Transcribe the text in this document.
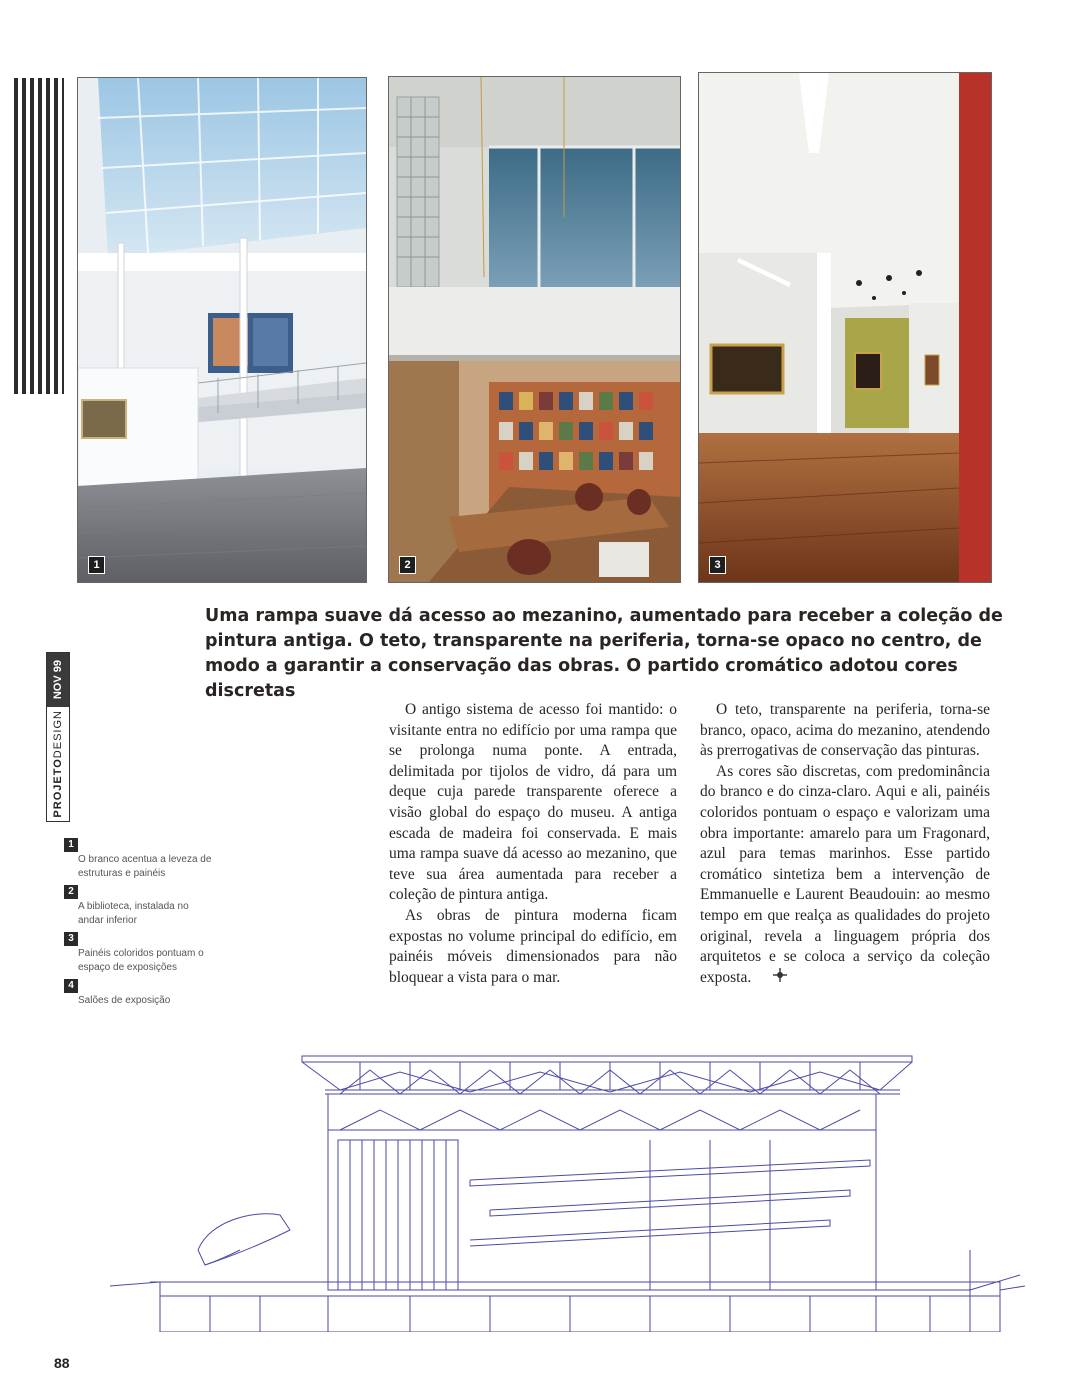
1	2	3
Uma rampa suave dá acesso ao mezanino, aumentado para receber a coleção de pintura antiga. O teto, transparente na periferia, torna-se opaco no centro, de modo a garantir a conservação das obras. O partido cromático adotou cores discretas
NOV 99
PROJETODESIGN
1
O branco acentua a leveza de estruturas e painéis
2
A biblioteca, instalada no andar inferior
3
Painéis coloridos pontuam o espaço de exposições
4
Salões de exposição

O antigo sistema de acesso foi mantido: o visitante entra no edifício por uma rampa que se prolonga numa ponte. A entrada, delimitada por tijolos de vidro, dá para um deque cuja parede transparente oferece a visão global do espaço do museu. A antiga escada de madeira foi conservada. E mais uma rampa suave dá acesso ao mezanino, que teve sua área aumentada para receber a coleção de pintura antiga.

As obras de pintura moderna ficam expostas no volume principal do edifício, em painéis móveis dimensionados para não bloquear a vista para o mar.

O teto, transparente na periferia, torna-se branco, opaco, acima do mezanino, atendendo às prerrogativas de conservação das pinturas.

As cores são discretas, com predominância do branco e do cinza-claro. Aqui e ali, painéis coloridos pontuam o espaço e valorizam uma obra importante: amarelo para um Fragonard, azul para temas marinhos. Esse partido cromático sintetiza bem a intervenção de Emmanuelle e Laurent Beaudouin: ao mesmo tempo em que realça as qualidades do projeto original, revela a linguagem própria dos arquitetos e se coloca a serviço da coleção exposta.

88
